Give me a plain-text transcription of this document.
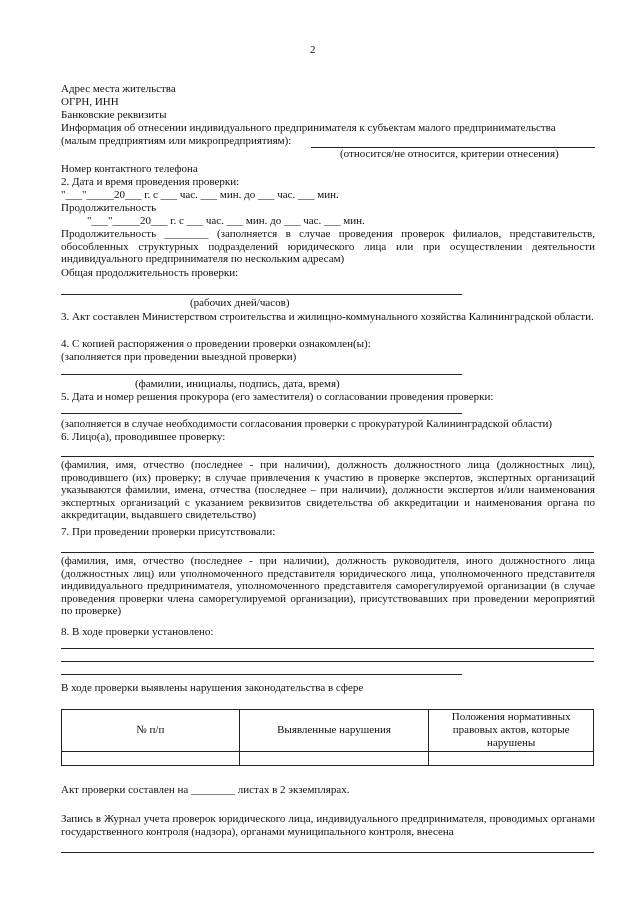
2
Адрес места жительства
ОГРН, ИНН
Банковские реквизиты
Информация об отнесении индивидуального предпринимателя к субъектам малого предпринимательства
(малым предприятиям или микропредприятиям):
(относится/не относится, критерии отнесения)
Номер контактного телефона
2. Дата и время проведения проверки:
"___"_____20___ г. с ___ час. ___ мин. до ___ час. ___ мин.
Продолжительность
"___"_____20___ г. с ___ час. ___ мин. до ___ час. ___ мин.
Продолжительность ________ (заполняется в случае проведения проверок филиалов, представительств, обособленных структурных подразделений юридического лица или при осуществлении деятельности индивидуального предпринимателя по нескольким адресам)
Общая продолжительность проверки:
(рабочих дней/часов)
3. Акт составлен Министерством строительства и жилищно-коммунального хозяйства Калининградской области.
4. С копией распоряжения о проведении проверки ознакомлен(ы):
(заполняется при проведении выездной проверки)
(фамилии, инициалы, подпись, дата, время)
5. Дата и номер решения прокурора (его заместителя) о согласовании проведения проверки:
(заполняется в случае необходимости согласования проверки с прокуратурой Калининградской области)
6. Лицо(а), проводившее проверку:
(фамилия, имя, отчество (последнее - при наличии), должность должностного лица (должностных лиц), проводившего (их) проверку; в случае привлечения к участию в проверке экспертов, экспертных организаций указываются фамилии, имена, отчества (последнее – при наличии), должности экспертов и/или наименования экспертных организаций с указанием реквизитов свидетельства об аккредитации и наименования органа по аккредитации, выдавшего свидетельство)
7. При проведении проверки присутствовали:
(фамилия, имя, отчество (последнее - при наличии), должность руководителя, иного должностного лица (должностных лиц) или уполномоченного представителя юридического лица, уполномоченного представителя индивидуального предпринимателя, уполномоченного представителя саморегулируемой организации (в случае проведения проверки члена саморегулируемой организации), присутствовавших при проведении мероприятий по проверке)
8. В ходе проверки установлено:
В ходе проверки выявлены нарушения законодательства в сфере
№ п/п	Выявленные нарушения	Положения нормативных правовых актов, которые нарушены

Акт проверки составлен на ________ листах в 2 экземплярах.
Запись в Журнал учета проверок юридического лица, индивидуального предпринимателя, проводимых органами государственного контроля (надзора), органами муниципального контроля, внесена
